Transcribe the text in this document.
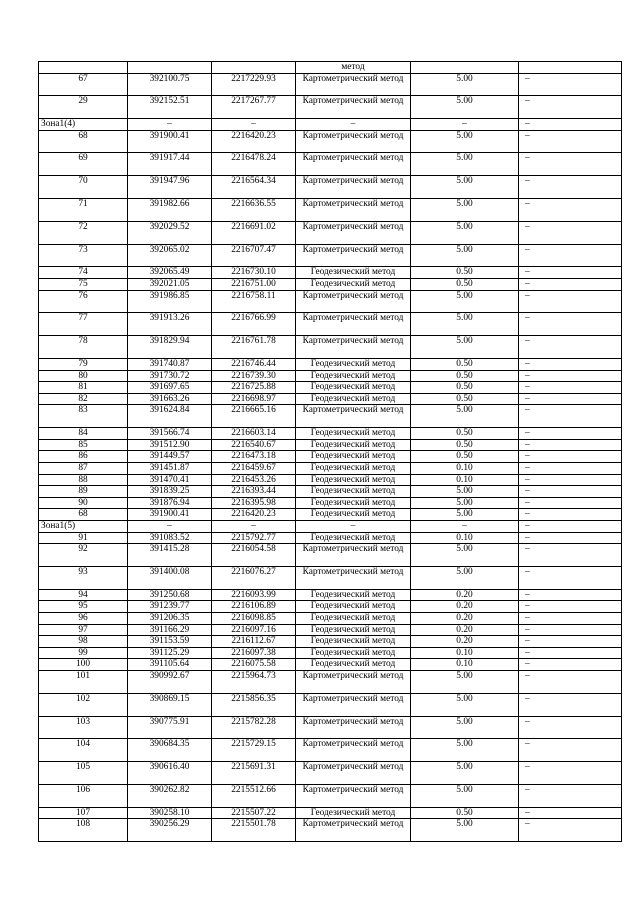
			метод		
67	392100.75	2217229.93	Картометрический метод	5.00	–
29	392152.51	2217267.77	Картометрический метод	5.00	–
Зона1(4)	–	–	–	–	–
68	391900.41	2216420.23	Картометрический метод	5.00	–
69	391917.44	2216478.24	Картометрический метод	5.00	–
70	391947.96	2216564.34	Картометрический метод	5.00	–
71	391982.66	2216636.55	Картометрический метод	5.00	–
72	392029.52	2216691.02	Картометрический метод	5.00	–
73	392065.02	2216707.47	Картометрический метод	5.00	–
74	392065.49	2216730.10	Геодезический метод	0.50	–
75	392021.05	2216751.00	Геодезический метод	0.50	–
76	391986.85	2216758.11	Картометрический метод	5.00	–
77	391913.26	2216766.99	Картометрический метод	5.00	–
78	391829.94	2216761.78	Картометрический метод	5.00	–
79	391740.87	2216746.44	Геодезический метод	0.50	–
80	391730.72	2216739.30	Геодезический метод	0.50	–
81	391697.65	2216725.88	Геодезический метод	0.50	–
82	391663.26	2216698.97	Геодезический метод	0.50	–
83	391624.84	2216665.16	Картометрический метод	5.00	–
84	391566.74	2216603.14	Геодезический метод	0.50	–
85	391512.90	2216540.67	Геодезический метод	0.50	–
86	391449.57	2216473.18	Геодезический метод	0.50	–
87	391451.87	2216459.67	Геодезический метод	0.10	–
88	391470.41	2216453.26	Геодезический метод	0.10	–
89	391839.25	2216393.44	Геодезический метод	5.00	–
90	391876.94	2216395.98	Геодезический метод	5.00	–
68	391900.41	2216420.23	Геодезический метод	5.00	–
Зона1(5)	–	–	–	–	–
91	391083.52	2215792.77	Геодезический метод	0.10	–
92	391415.28	2216054.58	Картометрический метод	5.00	–
93	391400.08	2216076.27	Картометрический метод	5.00	–
94	391250.68	2216093.99	Геодезический метод	0.20	–
95	391239.77	2216106.89	Геодезический метод	0.20	–
96	391206.35	2216098.85	Геодезический метод	0.20	–
97	391166.29	2216097.16	Геодезический метод	0.20	–
98	391153.59	2216112.67	Геодезический метод	0.20	–
99	391125.29	2216097.38	Геодезический метод	0.10	–
100	391105.64	2216075.58	Геодезический метод	0.10	–
101	390992.67	2215964.73	Картометрический метод	5.00	–
102	390869.15	2215856.35	Картометрический метод	5.00	–
103	390775.91	2215782.28	Картометрический метод	5.00	–
104	390684.35	2215729.15	Картометрический метод	5.00	–
105	390616.40	2215691.31	Картометрический метод	5.00	–
106	390262.82	2215512.66	Картометрический метод	5.00	–
107	390258.10	2215507.22	Геодезический метод	0.50	–
108	390256.29	2215501.78	Картометрический метод	5.00	–
